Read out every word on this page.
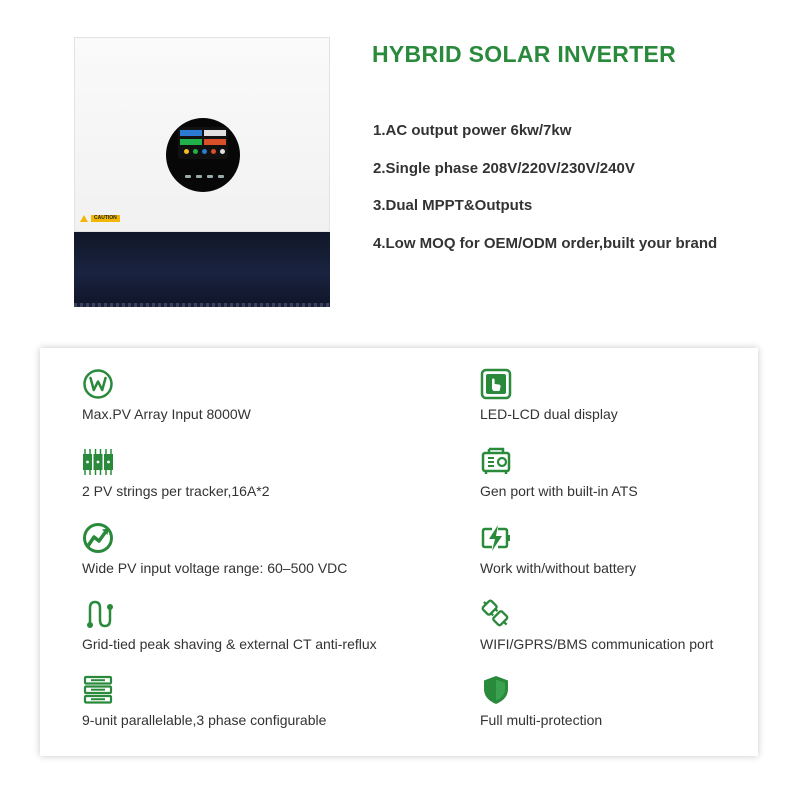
CAUTION
HYBRID SOLAR INVERTER
1.AC output power 6kw/7kw
2.Single phase 208V/220V/230V/240V
3.Dual MPPT&Outputs
4.Low MOQ for OEM/ODM order,built your brand
Max.PV Array Input 8000W
2 PV strings per tracker,16A*2
Wide PV input voltage range: 60–500 VDC
Grid-tied peak shaving & external CT anti-reflux
9-unit parallelable,3 phase configurable
LED-LCD dual display
Gen port with built-in ATS
Work with/without battery
WIFI/GPRS/BMS communication port
Full multi-protection
